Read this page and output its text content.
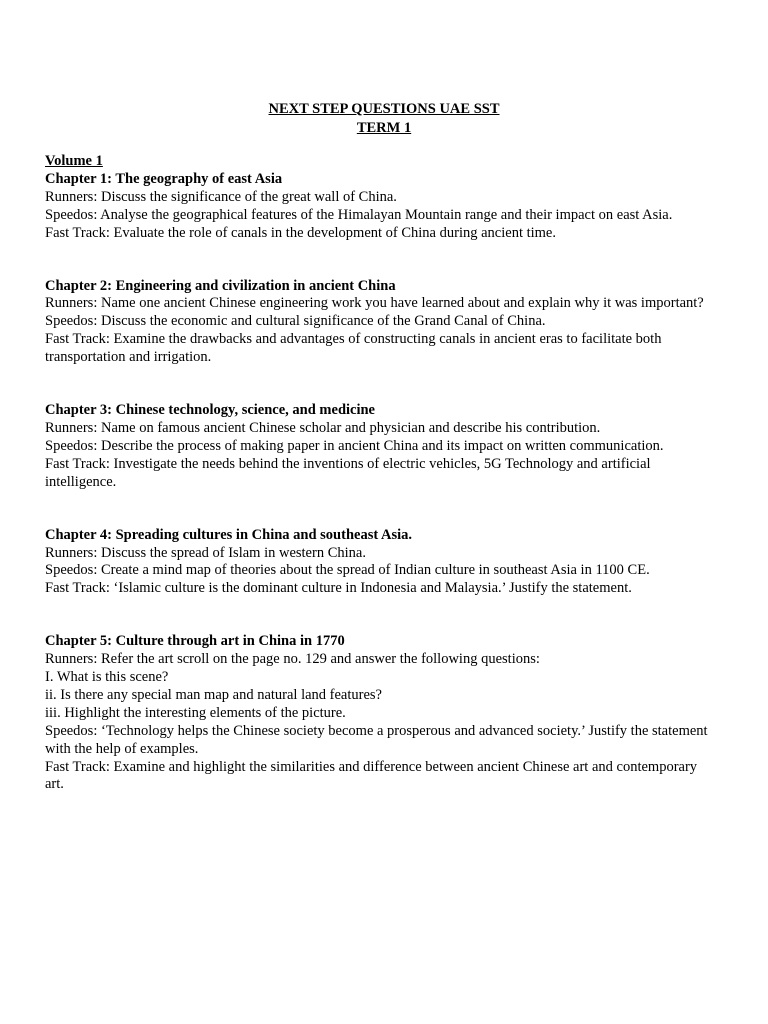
NEXT STEP QUESTIONS UAE SST
TERM 1
Volume 1
Chapter 1: The geography of east Asia

Runners: Discuss the significance of the great wall of China.

Speedos: Analyse the geographical features of the Himalayan Mountain range and their impact on east Asia.

Fast Track: Evaluate the role of canals in the development of China during ancient time.

Chapter 2: Engineering and civilization in ancient China

Runners: Name one ancient Chinese engineering work you have learned about and explain why it was important?

Speedos: Discuss the economic and cultural significance of the Grand Canal of China.

Fast Track: Examine the drawbacks and advantages of constructing canals in ancient eras to facilitate both transportation and irrigation.

Chapter 3: Chinese technology, science, and medicine

Runners: Name on famous ancient Chinese scholar and physician and describe his contribution.

Speedos: Describe the process of making paper in ancient China and its impact on written communication.

Fast Track: Investigate the needs behind the inventions of electric vehicles, 5G Technology and artificial intelligence.

Chapter 4: Spreading cultures in China and southeast Asia.

Runners: Discuss the spread of Islam in western China.

Speedos: Create a mind map of theories about the spread of Indian culture in southeast Asia in 1100 CE.

Fast Track: ‘Islamic culture is the dominant culture in Indonesia and Malaysia.’ Justify the statement.

Chapter 5: Culture through art in China in 1770

Runners: Refer the art scroll on the page no. 129 and answer the following questions:

I. What is this scene?

ii. Is there any special man map and natural land features?

iii. Highlight the interesting elements of the picture.

Speedos: ‘Technology helps the Chinese society become a prosperous and advanced society.’ Justify the statement with the help of examples.

Fast Track: Examine and highlight the similarities and difference between ancient Chinese art and contemporary art.
